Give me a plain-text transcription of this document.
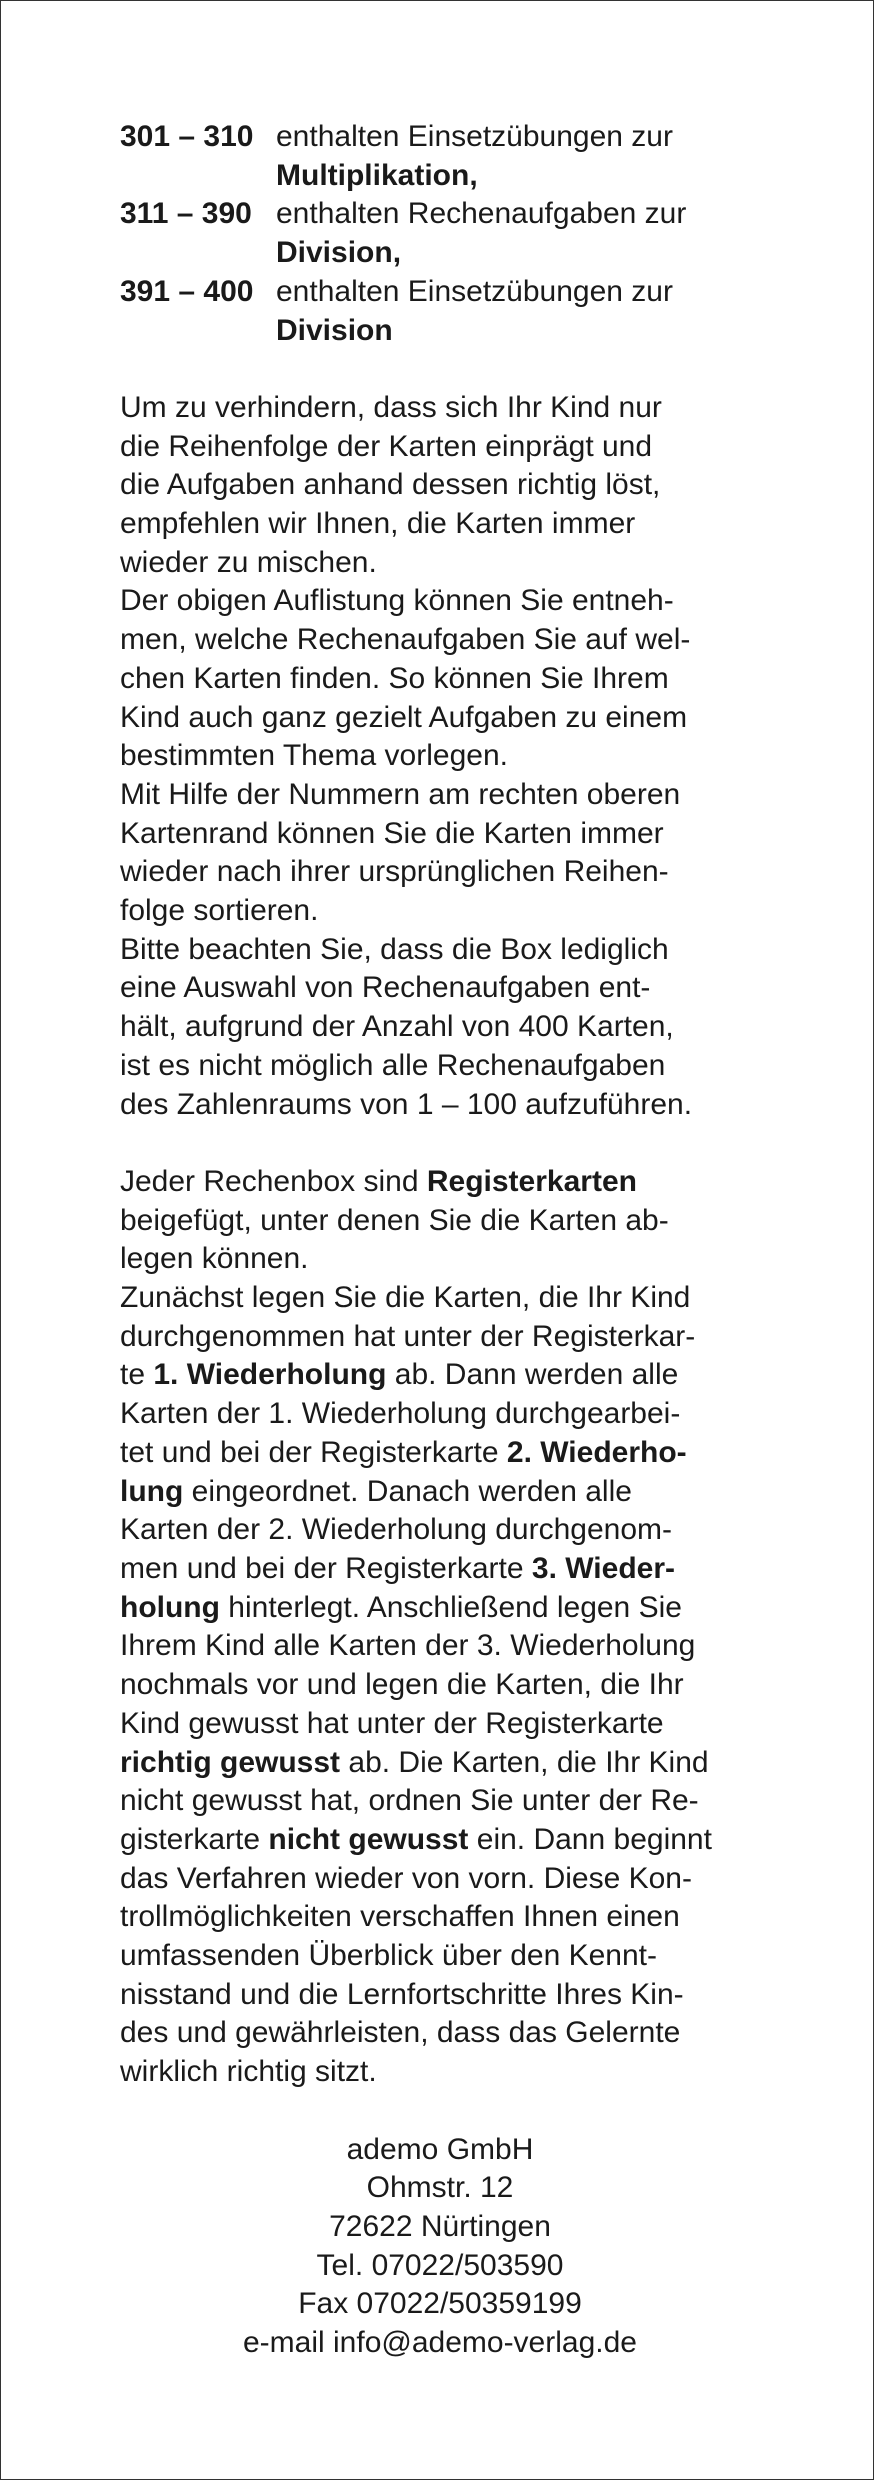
301 – 310 enthalten Einsetzübungen zur
Multiplikation,
311 – 390 enthalten Rechenaufgaben zur
Division,
391 – 400 enthalten Einsetzübungen zur
Division
Um zu verhindern, dass sich Ihr Kind nur
die Reihenfolge der Karten einprägt und
die Aufgaben anhand dessen richtig löst,
empfehlen wir Ihnen, die Karten immer
wieder zu mischen.
Der obigen Auflistung können Sie entneh-
men, welche Rechenaufgaben Sie auf wel-
chen Karten finden. So können Sie Ihrem
Kind auch ganz gezielt Aufgaben zu einem
bestimmten Thema vorlegen.
Mit Hilfe der Nummern am rechten oberen
Kartenrand können Sie die Karten immer
wieder nach ihrer ursprünglichen Reihen-
folge sortieren.
Bitte beachten Sie, dass die Box lediglich
eine Auswahl von Rechenaufgaben ent-
hält, aufgrund der Anzahl von 400 Karten,
ist es nicht möglich alle Rechenaufgaben
des Zahlenraums von 1 – 100 aufzuführen.
Jeder Rechenbox sind Registerkarten
beigefügt, unter denen Sie die Karten ab-
legen können.
Zunächst legen Sie die Karten, die Ihr Kind
durchgenommen hat unter der Registerkar-
te 1. Wiederholung ab. Dann werden alle
Karten der 1. Wiederholung durchgearbei-
tet und bei der Registerkarte 2. Wiederho-
lung eingeordnet. Danach werden alle
Karten der 2. Wiederholung durchgenom-
men und bei der Registerkarte 3. Wieder-
holung hinterlegt. Anschließend legen Sie
Ihrem Kind alle Karten der 3. Wiederholung
nochmals vor und legen die Karten, die Ihr
Kind gewusst hat unter der Registerkarte
richtig gewusst ab. Die Karten, die Ihr Kind
nicht gewusst hat, ordnen Sie unter der Re-
gisterkarte nicht gewusst ein. Dann beginnt
das Verfahren wieder von vorn. Diese Kon-
trollmöglichkeiten verschaffen Ihnen einen
umfassenden Überblick über den Kennt-
nisstand und die Lernfortschritte Ihres Kin-
des und gewährleisten, dass das Gelernte
wirklich richtig sitzt.
ademo GmbH
Ohmstr. 12
72622 Nürtingen
Tel. 07022/503590
Fax 07022/50359199
e-mail info@ademo-verlag.de
